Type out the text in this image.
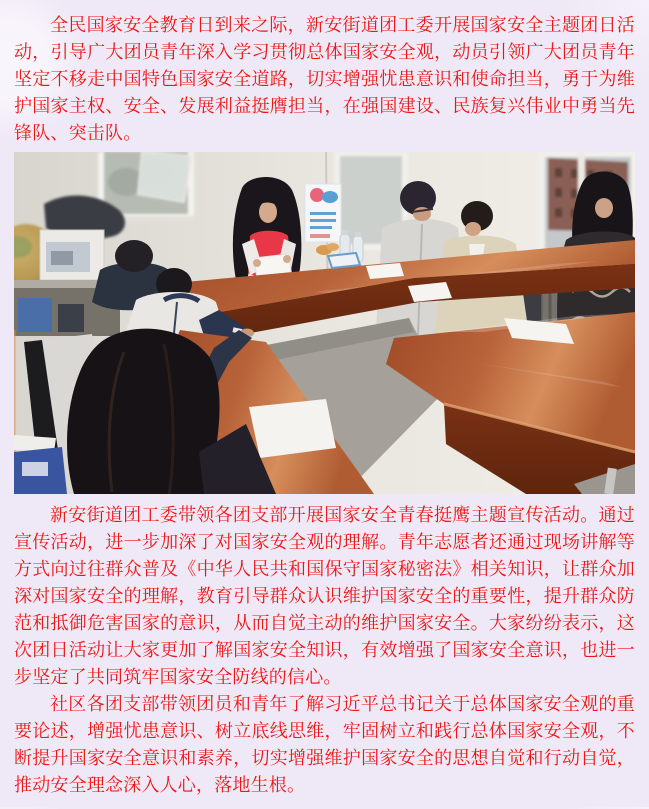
全民国家安全教育日到来之际，新安街道团工委开展国家安全主题团日活动，引导广大团员青年深入学习贯彻总体国家安全观，动员引领广大团员青年坚定不移走中国特色国家安全道路，切实增强忧患意识和使命担当，勇于为维护国家主权、安全、发展利益挺膺担当，在强国建设、民族复兴伟业中勇当先锋队、突击队。

新安街道团工委带领各团支部开展国家安全青春挺鹰主题宣传活动。通过宣传活动，进一步加深了对国家安全观的理解。青年志愿者还通过现场讲解等方式向过往群众普及《中华人民共和国保守国家秘密法》相关知识，让群众加深对国家安全的理解，教育引导群众认识维护国家安全的重要性，提升群众防范和抵御危害国家的意识，从而自觉主动的维护国家安全。大家纷纷表示，这次团日活动让大家更加了解国家安全知识，有效增强了国家安全意识，也进一步坚定了共同筑牢国家安全防线的信心。

社区各团支部带领团员和青年了解习近平总书记关于总体国家安全观的重要论述，增强忧患意识、树立底线思维，牢固树立和践行总体国家安全观，不断提升国家安全意识和素养，切实增强维护国家安全的思想自觉和行动自觉，推动安全理念深入人心，落地生根。
